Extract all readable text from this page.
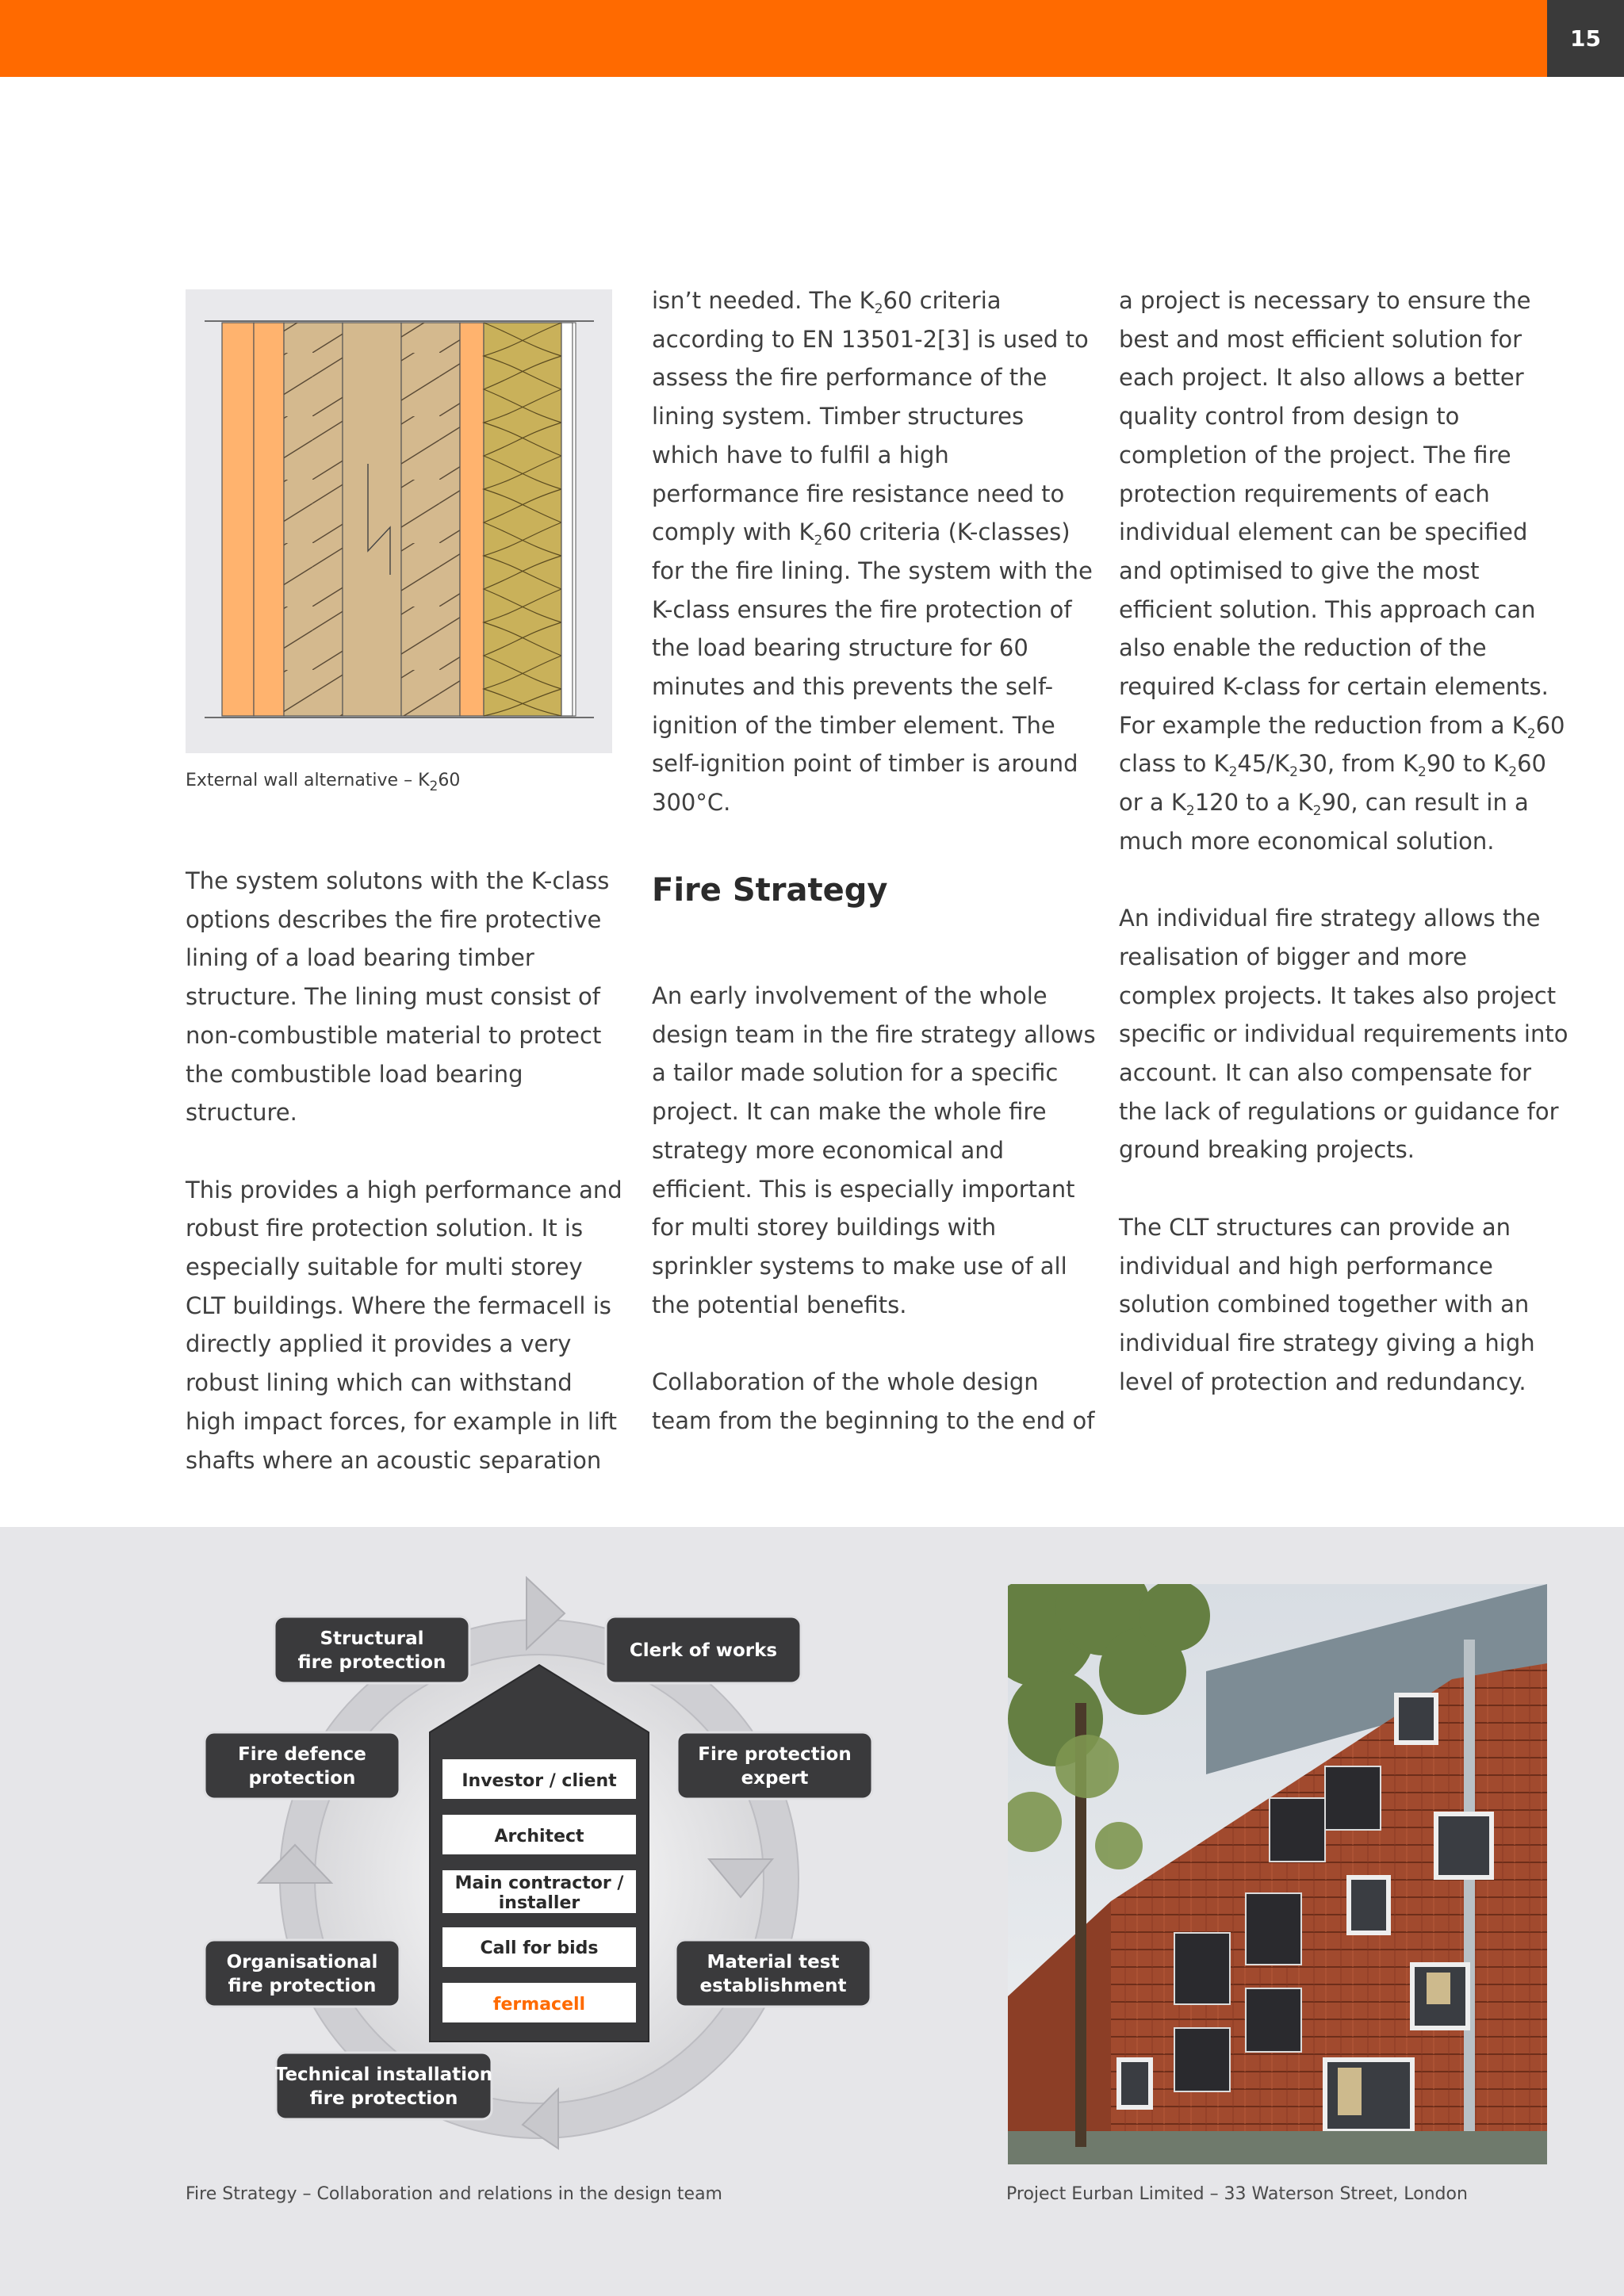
15
External wall alternative – $K_260$

The system solutons with the K-class options describes the fire protective lining of a load bearing timber structure. The lining must consist of non-combustible material to protect the combustible load bearing structure.

This provides a high performance and robust fire protection solution. It is especially suitable for multi storey CLT buildings. Where the fermacell is directly applied it provides a very robust lining which can withstand high impact forces, for example in lift shafts where an acoustic separation

isn’t needed. The $K_260$ criteria according to EN 13501-2[3] is used to assess the fire performance of the lining system. Timber structures which have to fulfil a high performance fire resistance need to comply with $K_260$ criteria (K-classes) for the fire lining. The system with the K-class ensures the fire protection of the load bearing structure for 60 minutes and this prevents the self-ignition of the timber element. The self-ignition point of timber is around 300°C.

Fire Strategy

An early involvement of the whole design team in the fire strategy allows a tailor made solution for a specific project. It can make the whole fire strategy more economical and efficient. This is especially important for multi storey buildings with sprinkler systems to make use of all the potential benefits.

Collaboration of the whole design team from the beginning to the end of

a project is necessary to ensure the best and most efficient solution for each project. It also allows a better quality control from design to completion of the project. The fire protection requirements of each individual element can be specified and optimised to give the most efficient solution. This approach can also enable the reduction of the required K-class for certain elements. For example the reduction from a $K_260$ class to $K_245/K_230$, from $K_290$ to $K_260$ or a $K_2120$ to a $K_290$, can result in a much more economical solution.

An individual fire strategy allows the realisation of bigger and more complex projects. It takes also project specific or individual requirements into account. It can also compensate for the lack of regulations or guidance for ground breaking projects.

The CLT structures can provide an individual and high performance solution combined together with an individual fire strategy giving a high level of protection and redundancy.

Investor / client
Architect
Main contractor /
installer
Call for bids
fermacell
Structural
fire protection
Clerk of works
Fire defence
protection
Fire protection
expert
Organisational
fire protection
Material test
establishment
Technical installation
fire protection
Fire Strategy – Collaboration and relations in the design team	Project Eurban Limited – 33 Waterson Street, London
